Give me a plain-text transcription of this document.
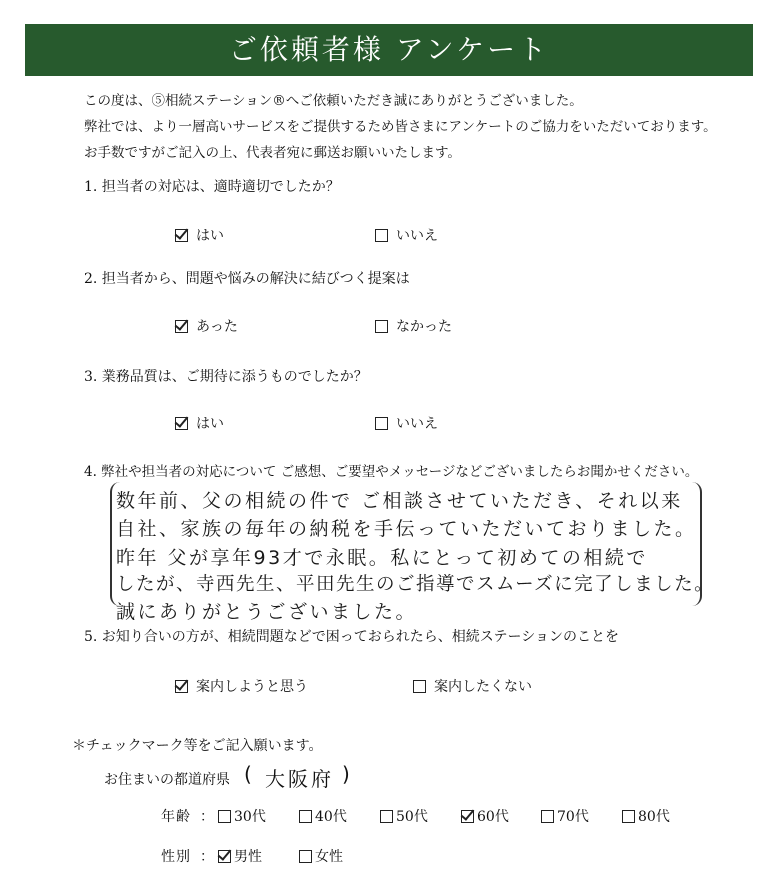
ご依頼者様 アンケート
この度は、⑤相続ステーション®へご依頼いただき誠にありがとうございました。
弊社では、より一層高いサービスをご提供するため皆さまにアンケートのご協力をいただいております。
お手数ですがご記入の上、代表者宛に郵送お願いいたします。
1. 担当者の対応は、適時適切でしたか？
はい	いいえ
2. 担当者から、問題や悩みの解決に結びつく提案は
あった	なかった
3. 業務品質は、ご期待に添うものでしたか？
はい	いいえ
4. 弊社や担当者の対応について ご感想、ご要望やメッセージなどございましたらお聞かせください。
数年前、父の相続の件で ご相談させていただき、それ以来
自社、家族の毎年の納税を手伝っていただいておりました。
昨年 父が享年93才で永眠。私にとって初めての相続で
したが、寺西先生、平田先生のご指導でスムーズに完了しました。
誠にありがとうございました。
5. お知り合いの方が、相続問題などで困っておられたら、相続ステーションのことを
案内しようと思う	案内したくない
＊チェックマーク等をご記入願います。
お住まいの都道府県 ( 大阪府 )
年齢 ： 30代	40代	50代	60代	70代	80代
性別 ： 男性	女性
